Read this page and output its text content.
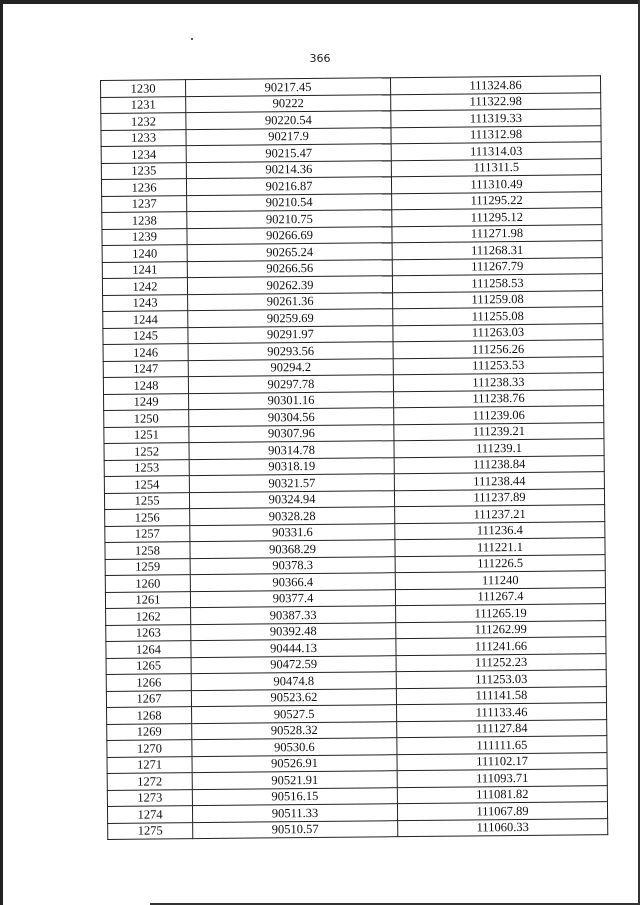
366
1230	90217.45	111324.86
1231	90222	111322.98
1232	90220.54	111319.33
1233	90217.9	111312.98
1234	90215.47	111314.03
1235	90214.36	111311.5
1236	90216.87	111310.49
1237	90210.54	111295.22
1238	90210.75	111295.12
1239	90266.69	111271.98
1240	90265.24	111268.31
1241	90266.56	111267.79
1242	90262.39	111258.53
1243	90261.36	111259.08
1244	90259.69	111255.08
1245	90291.97	111263.03
1246	90293.56	111256.26
1247	90294.2	111253.53
1248	90297.78	111238.33
1249	90301.16	111238.76
1250	90304.56	111239.06
1251	90307.96	111239.21
1252	90314.78	111239.1
1253	90318.19	111238.84
1254	90321.57	111238.44
1255	90324.94	111237.89
1256	90328.28	111237.21
1257	90331.6	111236.4
1258	90368.29	111221.1
1259	90378.3	111226.5
1260	90366.4	111240
1261	90377.4	111267.4
1262	90387.33	111265.19
1263	90392.48	111262.99
1264	90444.13	111241.66
1265	90472.59	111252.23
1266	90474.8	111253.03
1267	90523.62	111141.58
1268	90527.5	111133.46
1269	90528.32	111127.84
1270	90530.6	111111.65
1271	90526.91	111102.17
1272	90521.91	111093.71
1273	90516.15	111081.82
1274	90511.33	111067.89
1275	90510.57	111060.33
